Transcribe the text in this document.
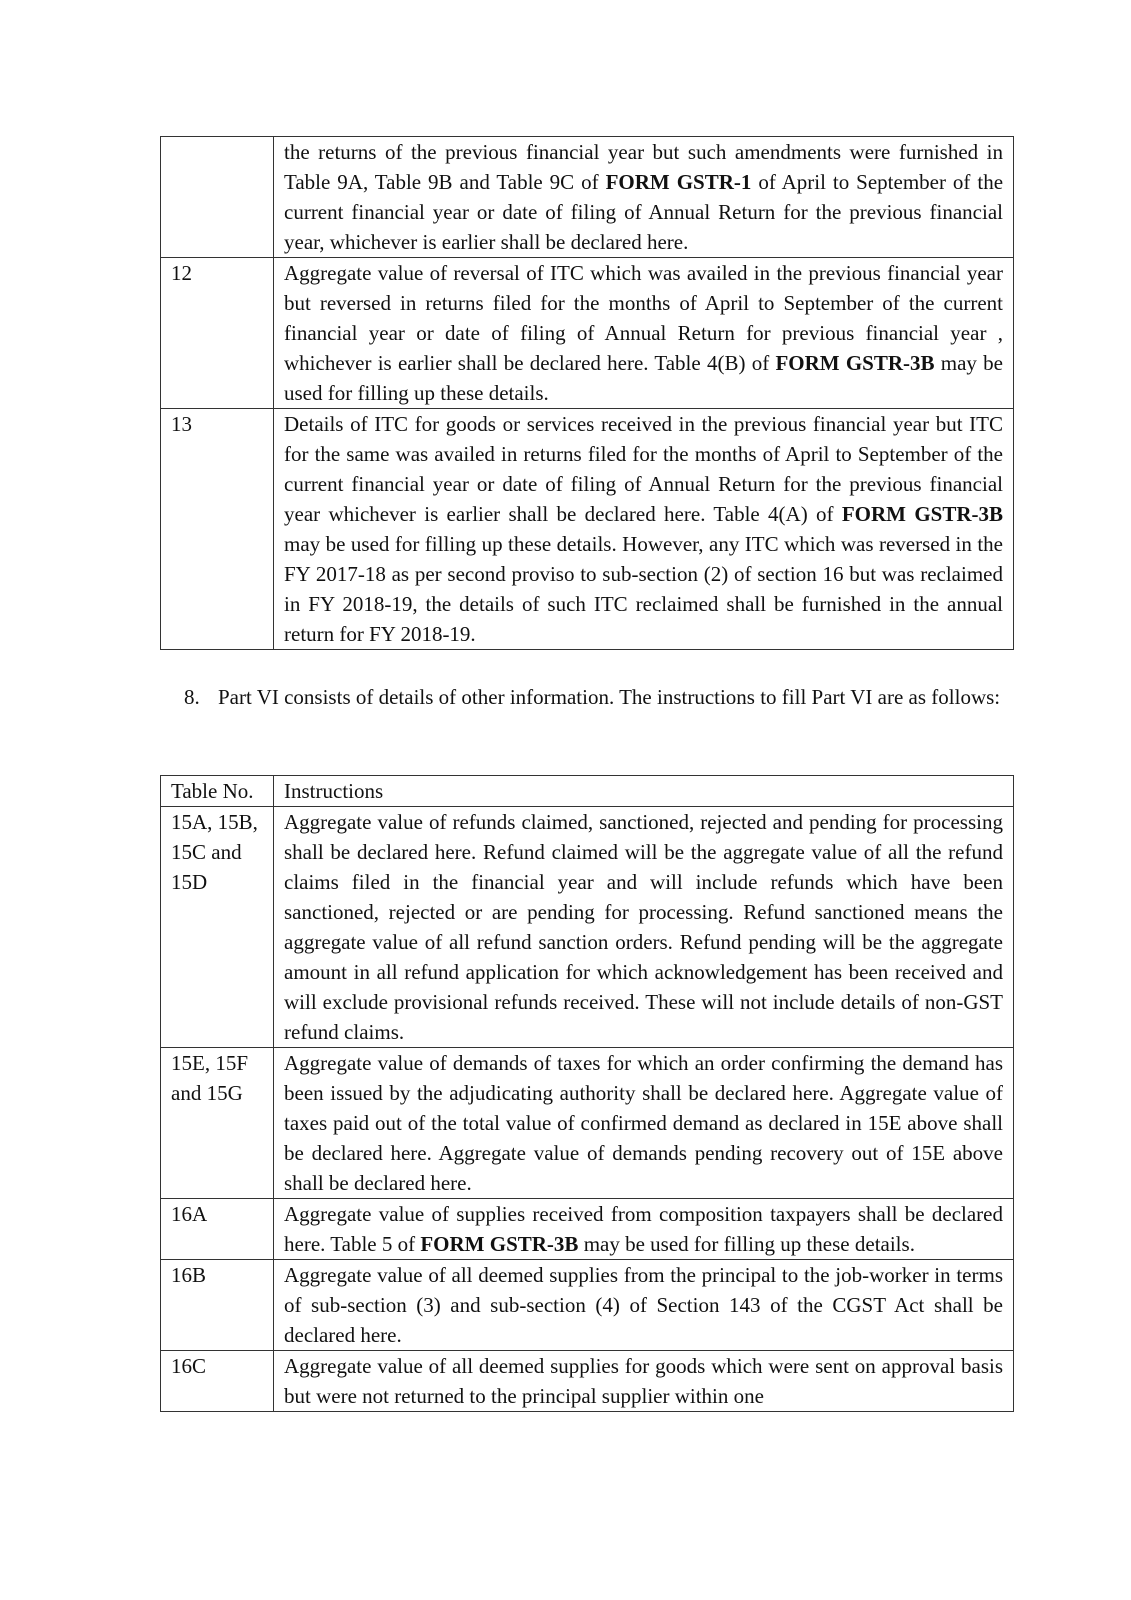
	the returns of the previous financial year but such amendments were furnished in Table 9A, Table 9B and Table 9C of FORM GSTR-1 of April to September of the current financial year or date of filing of Annual Return for the previous financial year, whichever is earlier shall be declared here.
12	Aggregate value of reversal of ITC which was availed in the previous financial year but reversed in returns filed for the months of April to September of the current financial year or date of filing of Annual Return for previous financial year , whichever is earlier shall be declared here. Table 4(B) of FORM GSTR-3B may be used for filling up these details.
13	Details of ITC for goods or services received in the previous financial year but ITC for the same was availed in returns filed for the months of April to September of the current financial year or date of filing of Annual Return for the previous financial year whichever is earlier shall be declared here. Table 4(A) of FORM GSTR-3B may be used for filling up these details. However, any ITC which was reversed in the FY 2017-18 as per second proviso to sub-section (2) of section 16 but was reclaimed in FY 2018-19, the details of such ITC reclaimed shall be furnished in the annual return for FY 2018-19.
8. Part VI consists of details of other information. The instructions to fill Part VI are as follows:
Table No.	Instructions
15A, 15B, 15C and 15D	Aggregate value of refunds claimed, sanctioned, rejected and pending for processing shall be declared here. Refund claimed will be the aggregate value of all the refund claims filed in the financial year and will include refunds which have been sanctioned, rejected or are pending for processing. Refund sanctioned means the aggregate value of all refund sanction orders. Refund pending will be the aggregate amount in all refund application for which acknowledgement has been received and will exclude provisional refunds received. These will not include details of non-GST refund claims.
15E, 15F and 15G	Aggregate value of demands of taxes for which an order confirming the demand has been issued by the adjudicating authority shall be declared here. Aggregate value of taxes paid out of the total value of confirmed demand as declared in 15E above shall be declared here. Aggregate value of demands pending recovery out of 15E above shall be declared here.
16A	Aggregate value of supplies received from composition taxpayers shall be declared here. Table 5 of FORM GSTR-3B may be used for filling up these details.
16B	Aggregate value of all deemed supplies from the principal to the job-worker in terms of sub-section (3) and sub-section (4) of Section 143 of the CGST Act shall be declared here.
16C	Aggregate value of all deemed supplies for goods which were sent on approval basis but were not returned to the principal supplier within one
